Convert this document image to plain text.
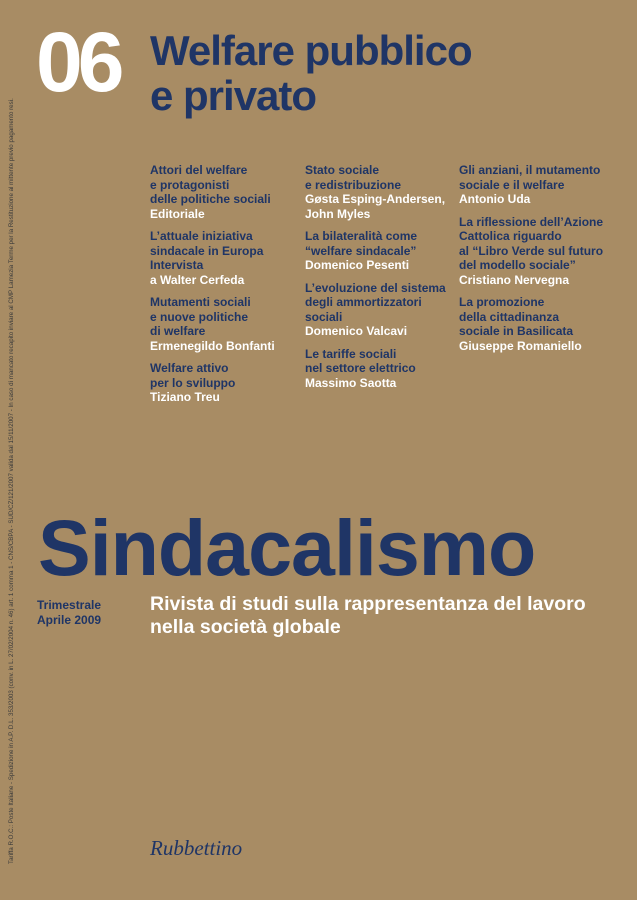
06 Welfare pubblico
e privato
Attori del welfare
e protagonisti
delle politiche sociali
Editoriale
L’attuale iniziativa
sindacale in Europa
Intervista
a Walter Cerfeda
Mutamenti sociali
e nuove politiche
di welfare
Ermenegildo Bonfanti
Welfare attivo
per lo sviluppo
Tiziano Treu
Stato sociale
e redistribuzione
Gøsta Esping-Andersen,
John Myles
La bilateralità come
“welfare sindacale”
Domenico Pesenti
L’evoluzione del sistema
degli ammortizzatori
sociali
Domenico Valcavi
Le tariffe sociali
nel settore elettrico
Massimo Saotta
Gli anziani, il mutamento
sociale e il welfare
Antonio Uda
La riflessione dell’Azione
Cattolica riguardo
al “Libro Verde sul futuro
del modello sociale”
Cristiano Nervegna
La promozione
della cittadinanza
sociale in Basilicata
Giuseppe Romaniello
Tariffa R.O.C.: Poste Italiane - Spedizione in A.P. D.L. 353/2003 (conv. in L. 27/02/2004 n. 46) art. 1 comma 1 - CNS/CBPA - SUD/CZ/121/2007 valida dal 15/11/2007 - In caso di mancato recapito inviare al CMP Lamezia Terme per la Restituzione al mittente previo pagamento resi. Sindacalismo
Trimestrale
Aprile 2009
Rivista di studi sulla rappresentanza del lavoro
nella società globale
Rubbettino
